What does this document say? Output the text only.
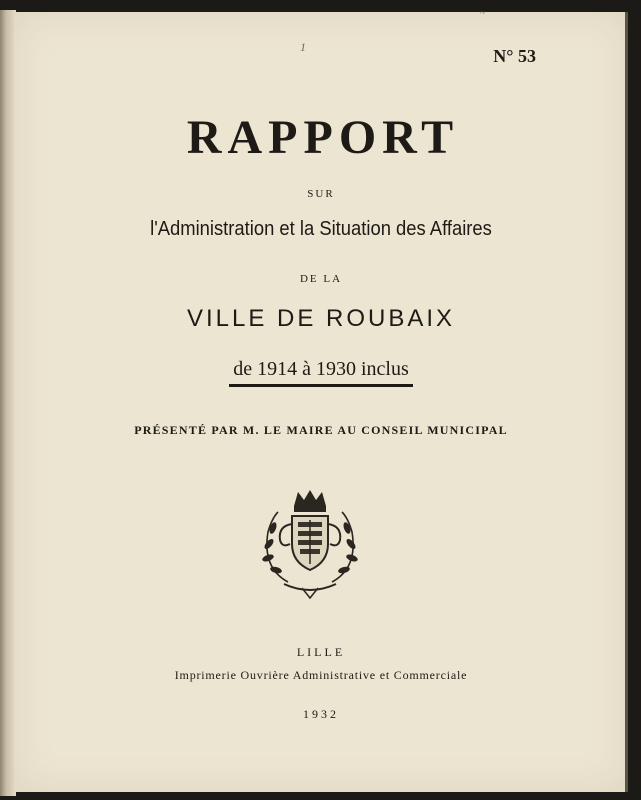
~
1	N° 53
RAPPORT

SUR

l'Administration et la Situation des Affaires

DE LA

VILLE DE ROUBAIX

de 1914 à 1930 inclus

PRÉSENTÉ PAR M. LE MAIRE AU CONSEIL MUNICIPAL

LILLE

Imprimerie Ouvrière Administrative et Commerciale

1932
